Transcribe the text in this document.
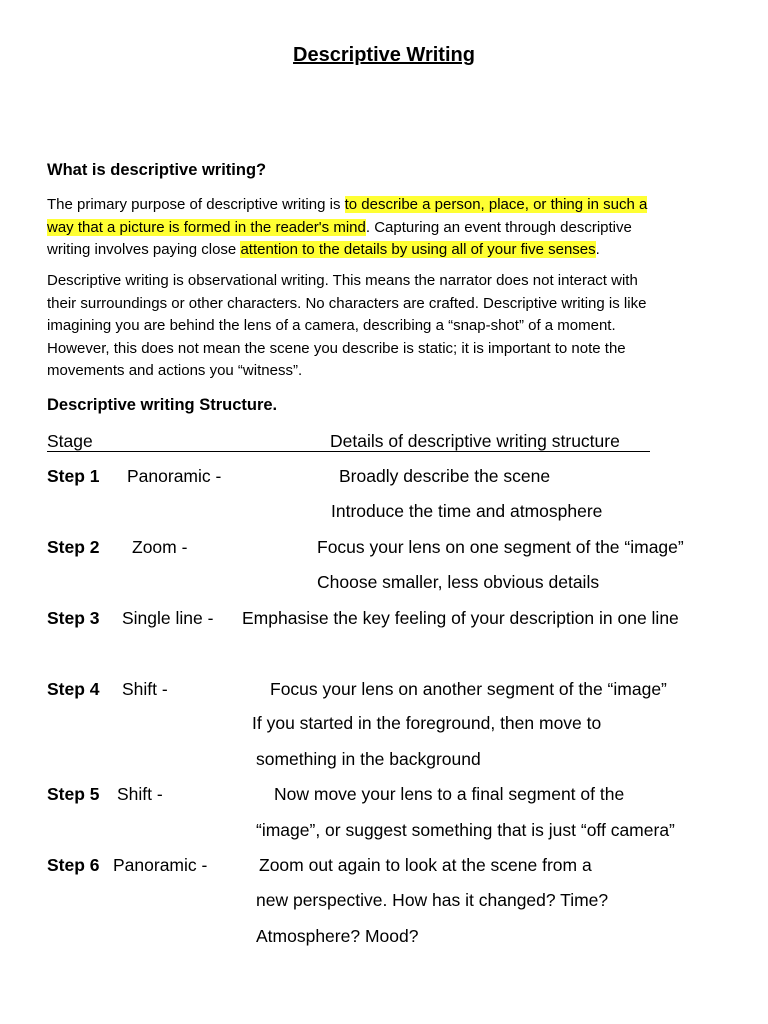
Descriptive Writing
What is descriptive writing?
The primary purpose of descriptive writing is to describe a person, place, or thing in such a
way that a picture is formed in the reader's mind. Capturing an event through descriptive
writing involves paying close attention to the details by using all of your five senses.
Descriptive writing is observational writing. This means the narrator does not interact with
their surroundings or other characters. No characters are crafted. Descriptive writing is like
imagining you are behind the lens of a camera, describing a “snap-shot” of a moment.
However, this does not mean the scene you describe is static; it is important to note the
movements and actions you “witness”.
Descriptive writing Structure.
Stage	Details of descriptive writing structure
Step 1 Panoramic -	Broadly describe the scene
Introduce the time and atmosphere
Step 2 Zoom -	Focus your lens on one segment of the “image”
Choose smaller, less obvious details
Step 3 Single line - Emphasise the key feeling of your description in one line
Step 4 Shift -	Focus your lens on another segment of the “image”
If you started in the foreground, then move to
something in the background
Step 5 Shift -	Now move your lens to a final segment of the
“image”, or suggest something that is just “off camera”
Step 6 Panoramic -	Zoom out again to look at the scene from a
new perspective. How has it changed? Time?
Atmosphere? Mood?
